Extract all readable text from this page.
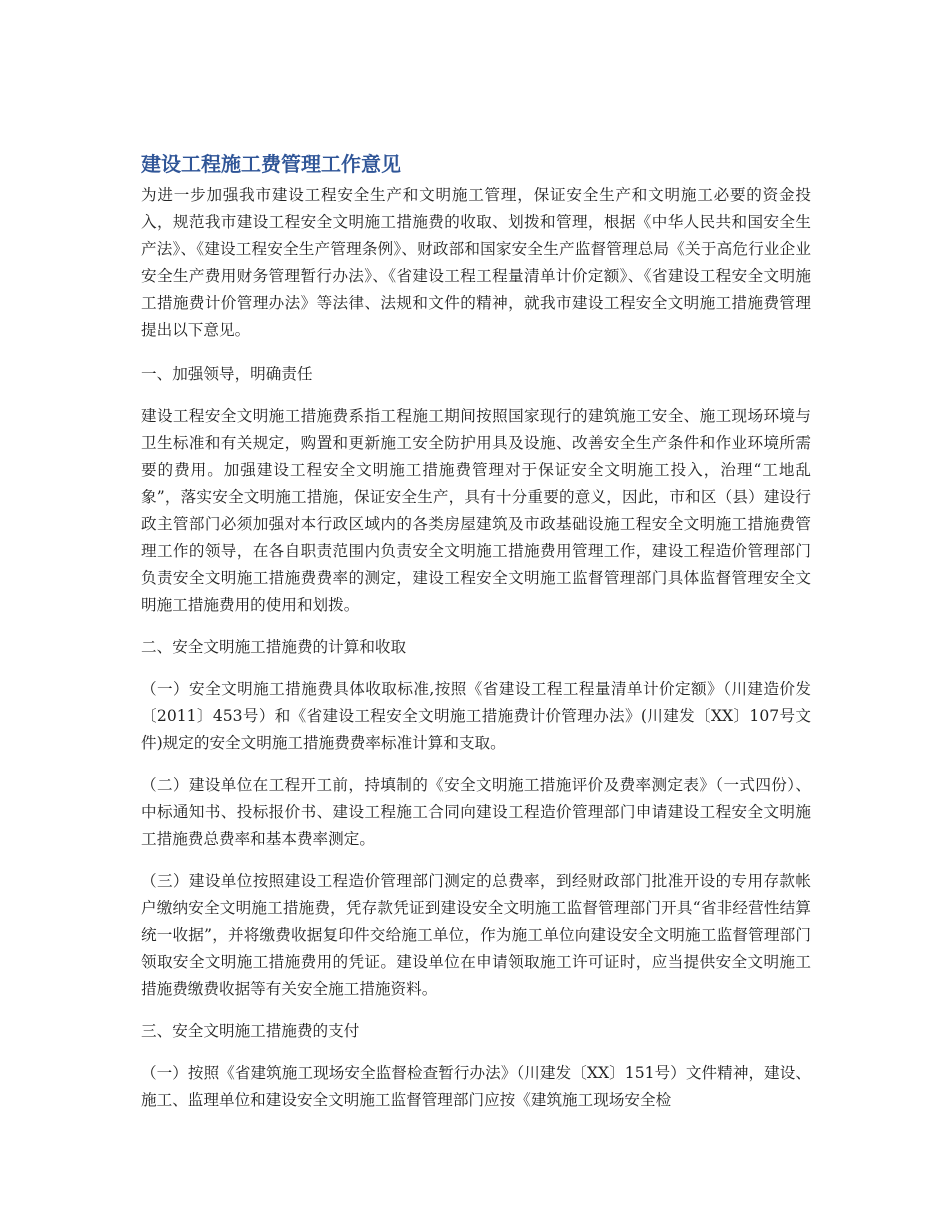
建设工程施工费管理工作意见

为进一步加强我市建设工程安全生产和文明施工管理，保证安全生产和文明施工必要的资金投入，规范我市建设工程安全文明施工措施费的收取、划拨和管理，根据《中华人民共和国安全生产法》、《建设工程安全生产管理条例》、财政部和国家安全生产监督管理总局《关于高危行业企业安全生产费用财务管理暂行办法》、《省建设工程工程量清单计价定额》、《省建设工程安全文明施工措施费计价管理办法》等法律、法规和文件的精神，就我市建设工程安全文明施工措施费管理提出以下意见。

一、加强领导，明确责任

建设工程安全文明施工措施费系指工程施工期间按照国家现行的建筑施工安全、施工现场环境与卫生标准和有关规定，购置和更新施工安全防护用具及设施、改善安全生产条件和作业环境所需要的费用。加强建设工程安全文明施工措施费管理对于保证安全文明施工投入，治理“工地乱象”，落实安全文明施工措施，保证安全生产，具有十分重要的意义，因此，市和区（县）建设行政主管部门必须加强对本行政区域内的各类房屋建筑及市政基础设施工程安全文明施工措施费管理工作的领导，在各自职责范围内负责安全文明施工措施费用管理工作，建设工程造价管理部门负责安全文明施工措施费费率的测定，建设工程安全文明施工监督管理部门具体监督管理安全文明施工措施费用的使用和划拨。

二、安全文明施工措施费的计算和收取

（一）安全文明施工措施费具体收取标准,按照《省建设工程工程量清单计价定额》（川建造价发〔2011〕453号）和《省建设工程安全文明施工措施费计价管理办法》(川建发〔XX〕107号文件)规定的安全文明施工措施费费率标准计算和支取。

（二）建设单位在工程开工前，持填制的《安全文明施工措施评价及费率测定表》（一式四份）、中标通知书、投标报价书、建设工程施工合同向建设工程造价管理部门申请建设工程安全文明施工措施费总费率和基本费率测定。

（三）建设单位按照建设工程造价管理部门测定的总费率，到经财政部门批准开设的专用存款帐户缴纳安全文明施工措施费，凭存款凭证到建设安全文明施工监督管理部门开具“省非经营性结算统一收据”，并将缴费收据复印件交给施工单位，作为施工单位向建设安全文明施工监督管理部门领取安全文明施工措施费用的凭证。建设单位在申请领取施工许可证时，应当提供安全文明施工措施费缴费收据等有关安全施工措施资料。

三、安全文明施工措施费的支付

（一）按照《省建筑施工现场安全监督检查暂行办法》（川建发〔XX〕151号）文件精神，建设、施工、监理单位和建设安全文明施工监督管理部门应按《建筑施工现场安全检
